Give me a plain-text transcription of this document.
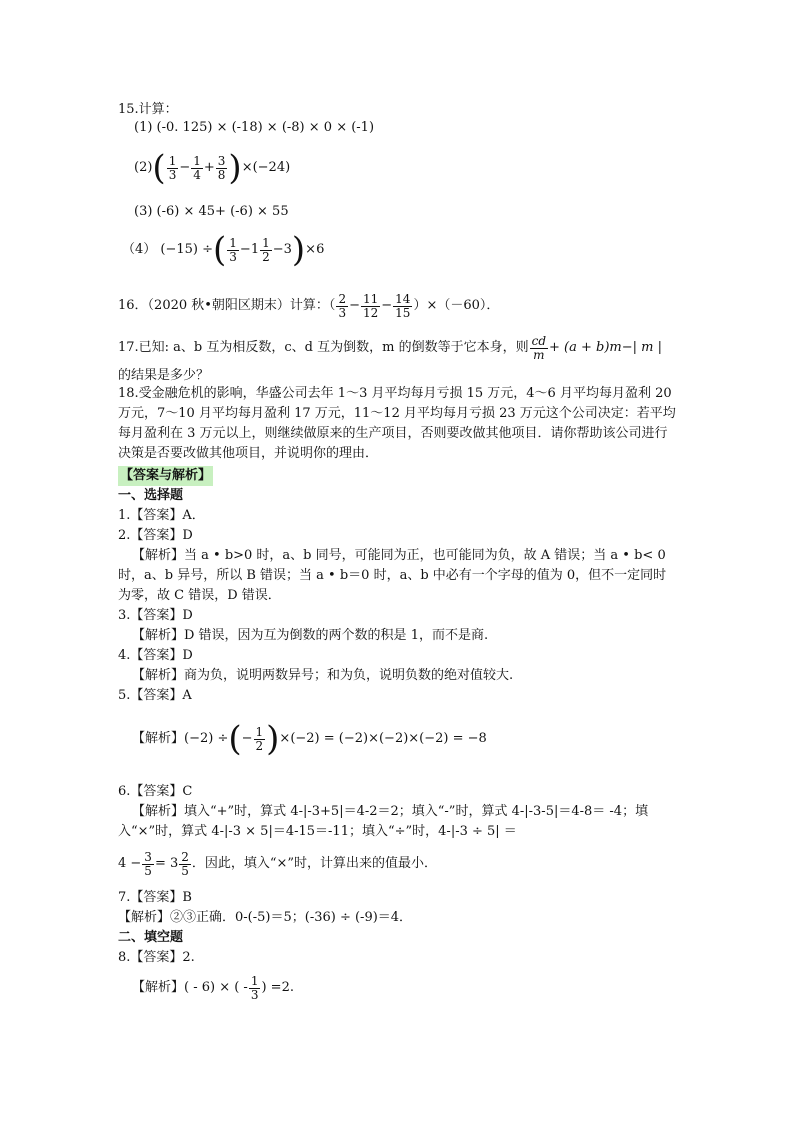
15.计算：
(1) (-0. 125) × (-18) × (-8) × 0 × (-1)
(2) ( $\frac{1}{3} - \frac{1}{4} + \frac{3}{8}$ ) ×(−24)
(3) (-6) × 45+ (-6) × 55
（4） (−15) ÷ ( $\frac{1}{3} -1 \frac{1}{2} -3$ ) ×6
16．（2020 秋•朝阳区期末）计算：（ $\frac{2}{3} - \frac{11}{12} - \frac{14}{15} )\times(-60)$．
17.已知: a、b 互为相反数，c、d 互为倒数，m 的倒数等于它本身，则 $\frac{cd}{m} + (a + b)m-|$ m |
的结果是多少？
18.受金融危机的影响，华盛公司去年 1～3 月平均每月亏损 15 万元，4～6 月平均每月盈利 20 万元，7～10 月平均每月盈利 17 万元，11～12 月平均每月亏损 23 万元这个公司决定：若平均每月盈利在 3 万元以上，则继续做原来的生产项目，否则要改做其他项目．请你帮助该公司进行决策是否要改做其他项目，并说明你的理由．
【答案与解析】
一、选择题
1.【答案】A．
2.【答案】D
【解析】当 a • b>0 时，a、b 同号，可能同为正，也可能同为负，故 A 错误；当 a • b< 0 时，a、b 异号，所以 B 错误；当 a • b＝0 时，a、b 中必有一个字母的值为 0，但不一定同时为零，故 C 错误，D 错误．
3.【答案】D
【解析】D 错误，因为互为倒数的两个数的积是 1，而不是商.
4.【答案】D
【解析】商为负，说明两数异号；和为负，说明负数的绝对值较大.
5.【答案】A
【解析】(−2) ÷ ( − $\frac{1}{2}$ ) ×(−2) = (−2)×(−2)×(−2) = −8
6.【答案】C
【解析】填入“+”时，算式 4-|-3+5|＝4-2＝2；填入“-”时，算式 4-|-3-5|＝4-8＝ -4；填入“×”时，算式 4-|-3 × 5|＝4-15＝-11；填入“÷”时，4-|-3 ÷ 5| ＝
$4 - \frac{3}{5} = 3 \frac{2}{5}$ ．因此，填入“×”时，计算出来的值最小．
7.【答案】B
【解析】②③正确．0-(-5)＝5；(-36) ÷ (-9)＝4．
二、填空题
8.【答案】2.
【解析】( - 6) × ( - $\frac{1}{3}$ ) =2.
